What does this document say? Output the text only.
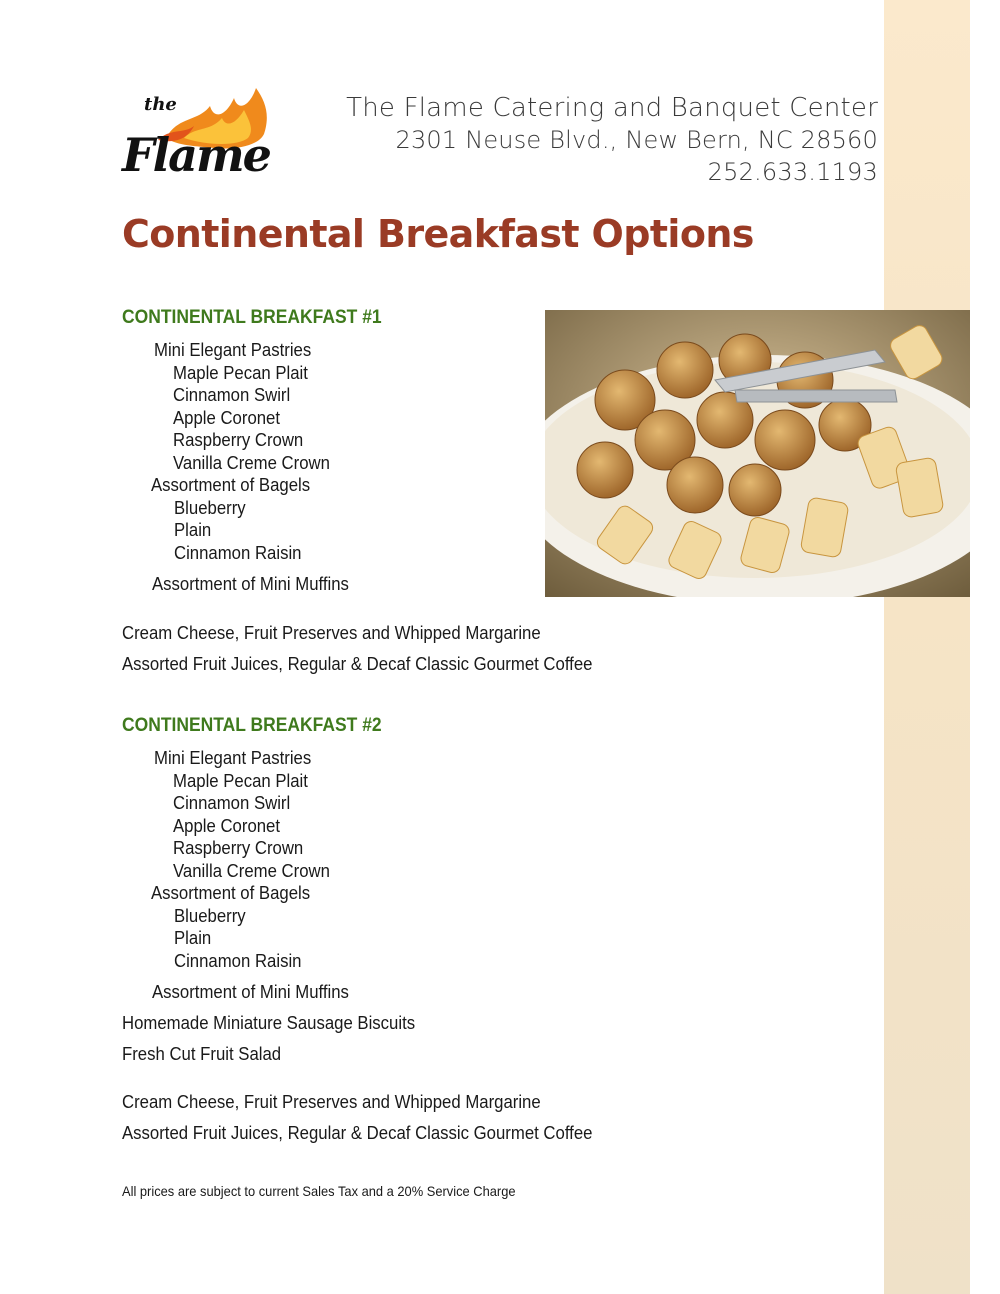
the
Flame
The Flame Catering and Banquet Center
2301 Neuse Blvd., New Bern, NC 28560
252.633.1193
Continental Breakfast Options
CONTINENTAL BREAKFAST #1
Mini Elegant Pastries
Maple Pecan Plait
Cinnamon Swirl
Apple Coronet
Raspberry Crown
Vanilla Creme Crown
Assortment of Bagels
Blueberry
Plain
Cinnamon Raisin
Assortment of Mini Muffins
Cream Cheese, Fruit Preserves and Whipped Margarine
Assorted Fruit Juices, Regular & Decaf Classic Gourmet Coffee
CONTINENTAL BREAKFAST #2
Mini Elegant Pastries
Maple Pecan Plait
Cinnamon Swirl
Apple Coronet
Raspberry Crown
Vanilla Creme Crown
Assortment of Bagels
Blueberry
Plain
Cinnamon Raisin
Assortment of Mini Muffins
Homemade Miniature Sausage Biscuits
Fresh Cut Fruit Salad
Cream Cheese, Fruit Preserves and Whipped Margarine
Assorted Fruit Juices, Regular & Decaf Classic Gourmet Coffee
All prices are subject to current Sales Tax and a 20% Service Charge
